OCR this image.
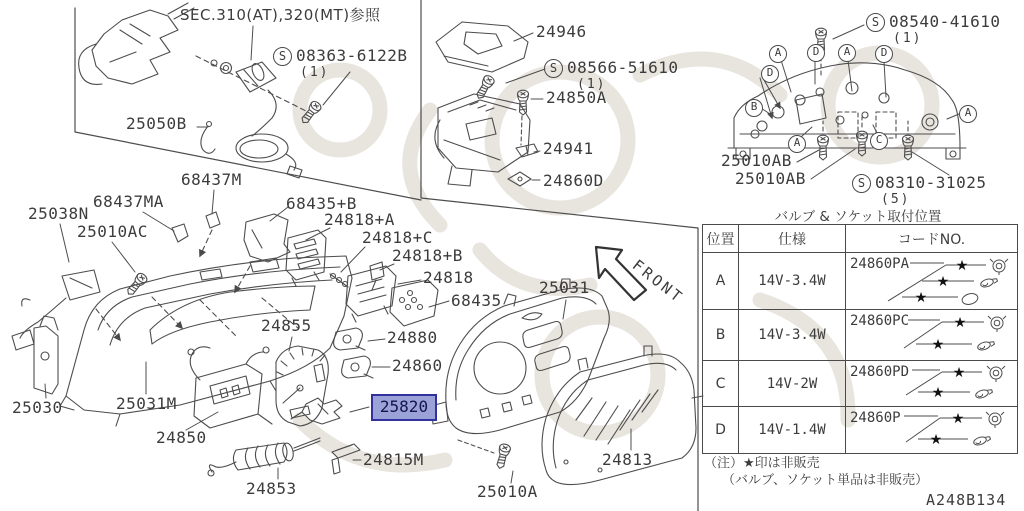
SEC.310(AT),320(MT)参照
S 08363-6122B
(1)
25050B
68437M
68437MA
25038N
25010AC
68435+B
24818+A
24818+C
24818+B
24818
68435
24855
24880
24860
25820
25030	25031M
24850
24853
24815M
25010A
24946
S 08566-51610
(1)
24850A
24941
24860D
25031	FRONT
24813
S 08540-41610
(1)
25010AB
25010AB	S 08310-31025
(5)
A	D	A	D
D
B	A
A	C
バルブ & ソケット取付位置
位置	仕様	コードNO.
A	14V-3.4W	24860PA ★
★
★

B	14V-3.4W	24860PC ★
★

C	14V-2W	24860PD ★
★

D	14V-1.4W	24860P ★
★
（注）★印は非販売
（バルブ、ソケット単品は非販売）
A248B134
